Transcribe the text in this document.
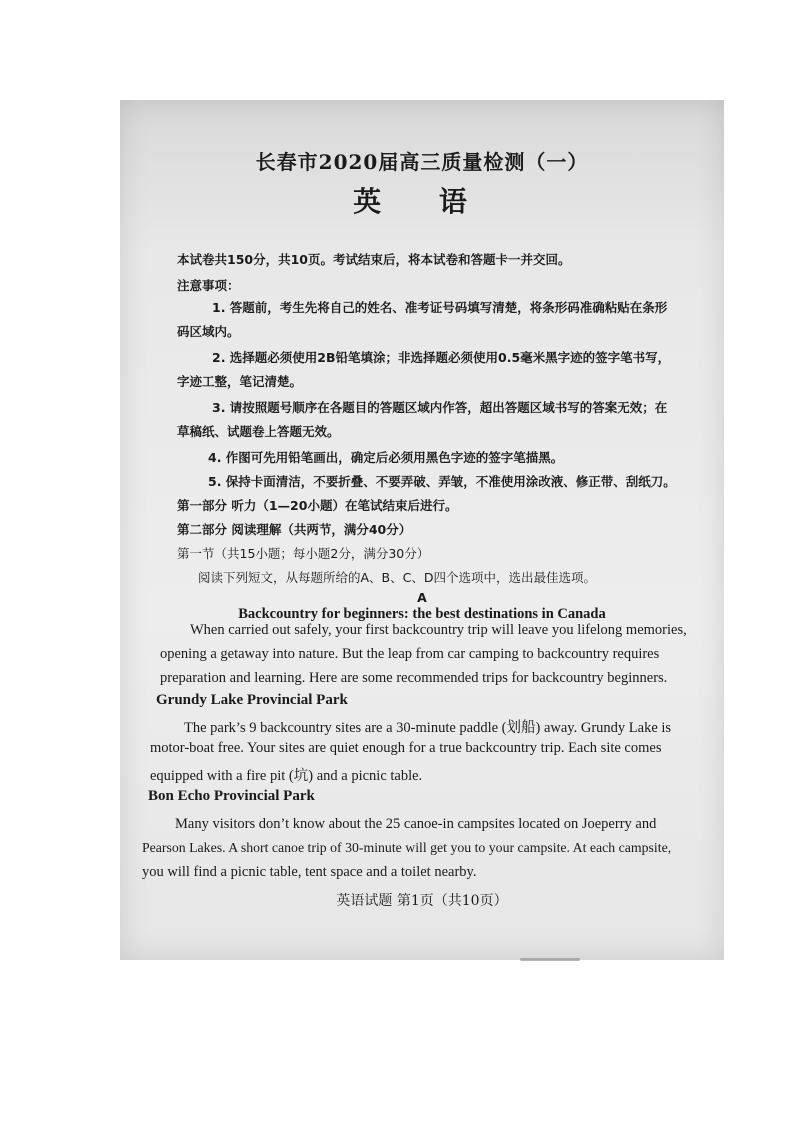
长春市2020届高三质量检测（一）
英 语
本试卷共150分，共10页。考试结束后，将本试卷和答题卡一并交回。
注意事项：
1. 答题前，考生先将自己的姓名、准考证号码填写清楚，将条形码准确粘贴在条形
码区域内。
2. 选择题必须使用2B铅笔填涂；非选择题必须使用0.5毫米黑字迹的签字笔书写，
字迹工整，笔记清楚。
3. 请按照题号顺序在各题目的答题区域内作答，超出答题区域书写的答案无效；在
草稿纸、试题卷上答题无效。
4. 作图可先用铅笔画出，确定后必须用黑色字迹的签字笔描黑。
5. 保持卡面清洁，不要折叠、不要弄破、弄皱，不准使用涂改液、修正带、刮纸刀。
第一部分 听力（1—20小题）在笔试结束后进行。
第二部分 阅读理解（共两节，满分40分）
第一节（共15小题；每小题2分，满分30分）
阅读下列短文，从每题所给的A、B、C、D四个选项中，选出最佳选项。
A
Backcountry for beginners: the best destinations in Canada
When carried out safely, your first backcountry trip will leave you lifelong memories,
opening a getaway into nature. But the leap from car camping to backcountry requires
preparation and learning. Here are some recommended trips for backcountry beginners.
Grundy Lake Provincial Park
The park’s 9 backcountry sites are a 30-minute paddle (划船) away. Grundy Lake is
motor-boat free. Your sites are quiet enough for a true backcountry trip. Each site comes
equipped with a fire pit (坑) and a picnic table.
Bon Echo Provincial Park
Many visitors don’t know about the 25 canoe-in campsites located on Joeperry and
Pearson Lakes. A short canoe trip of 30-minute will get you to your campsite. At each campsite,
you will find a picnic table, tent space and a toilet nearby.
英语试题 第1页（共10页）
